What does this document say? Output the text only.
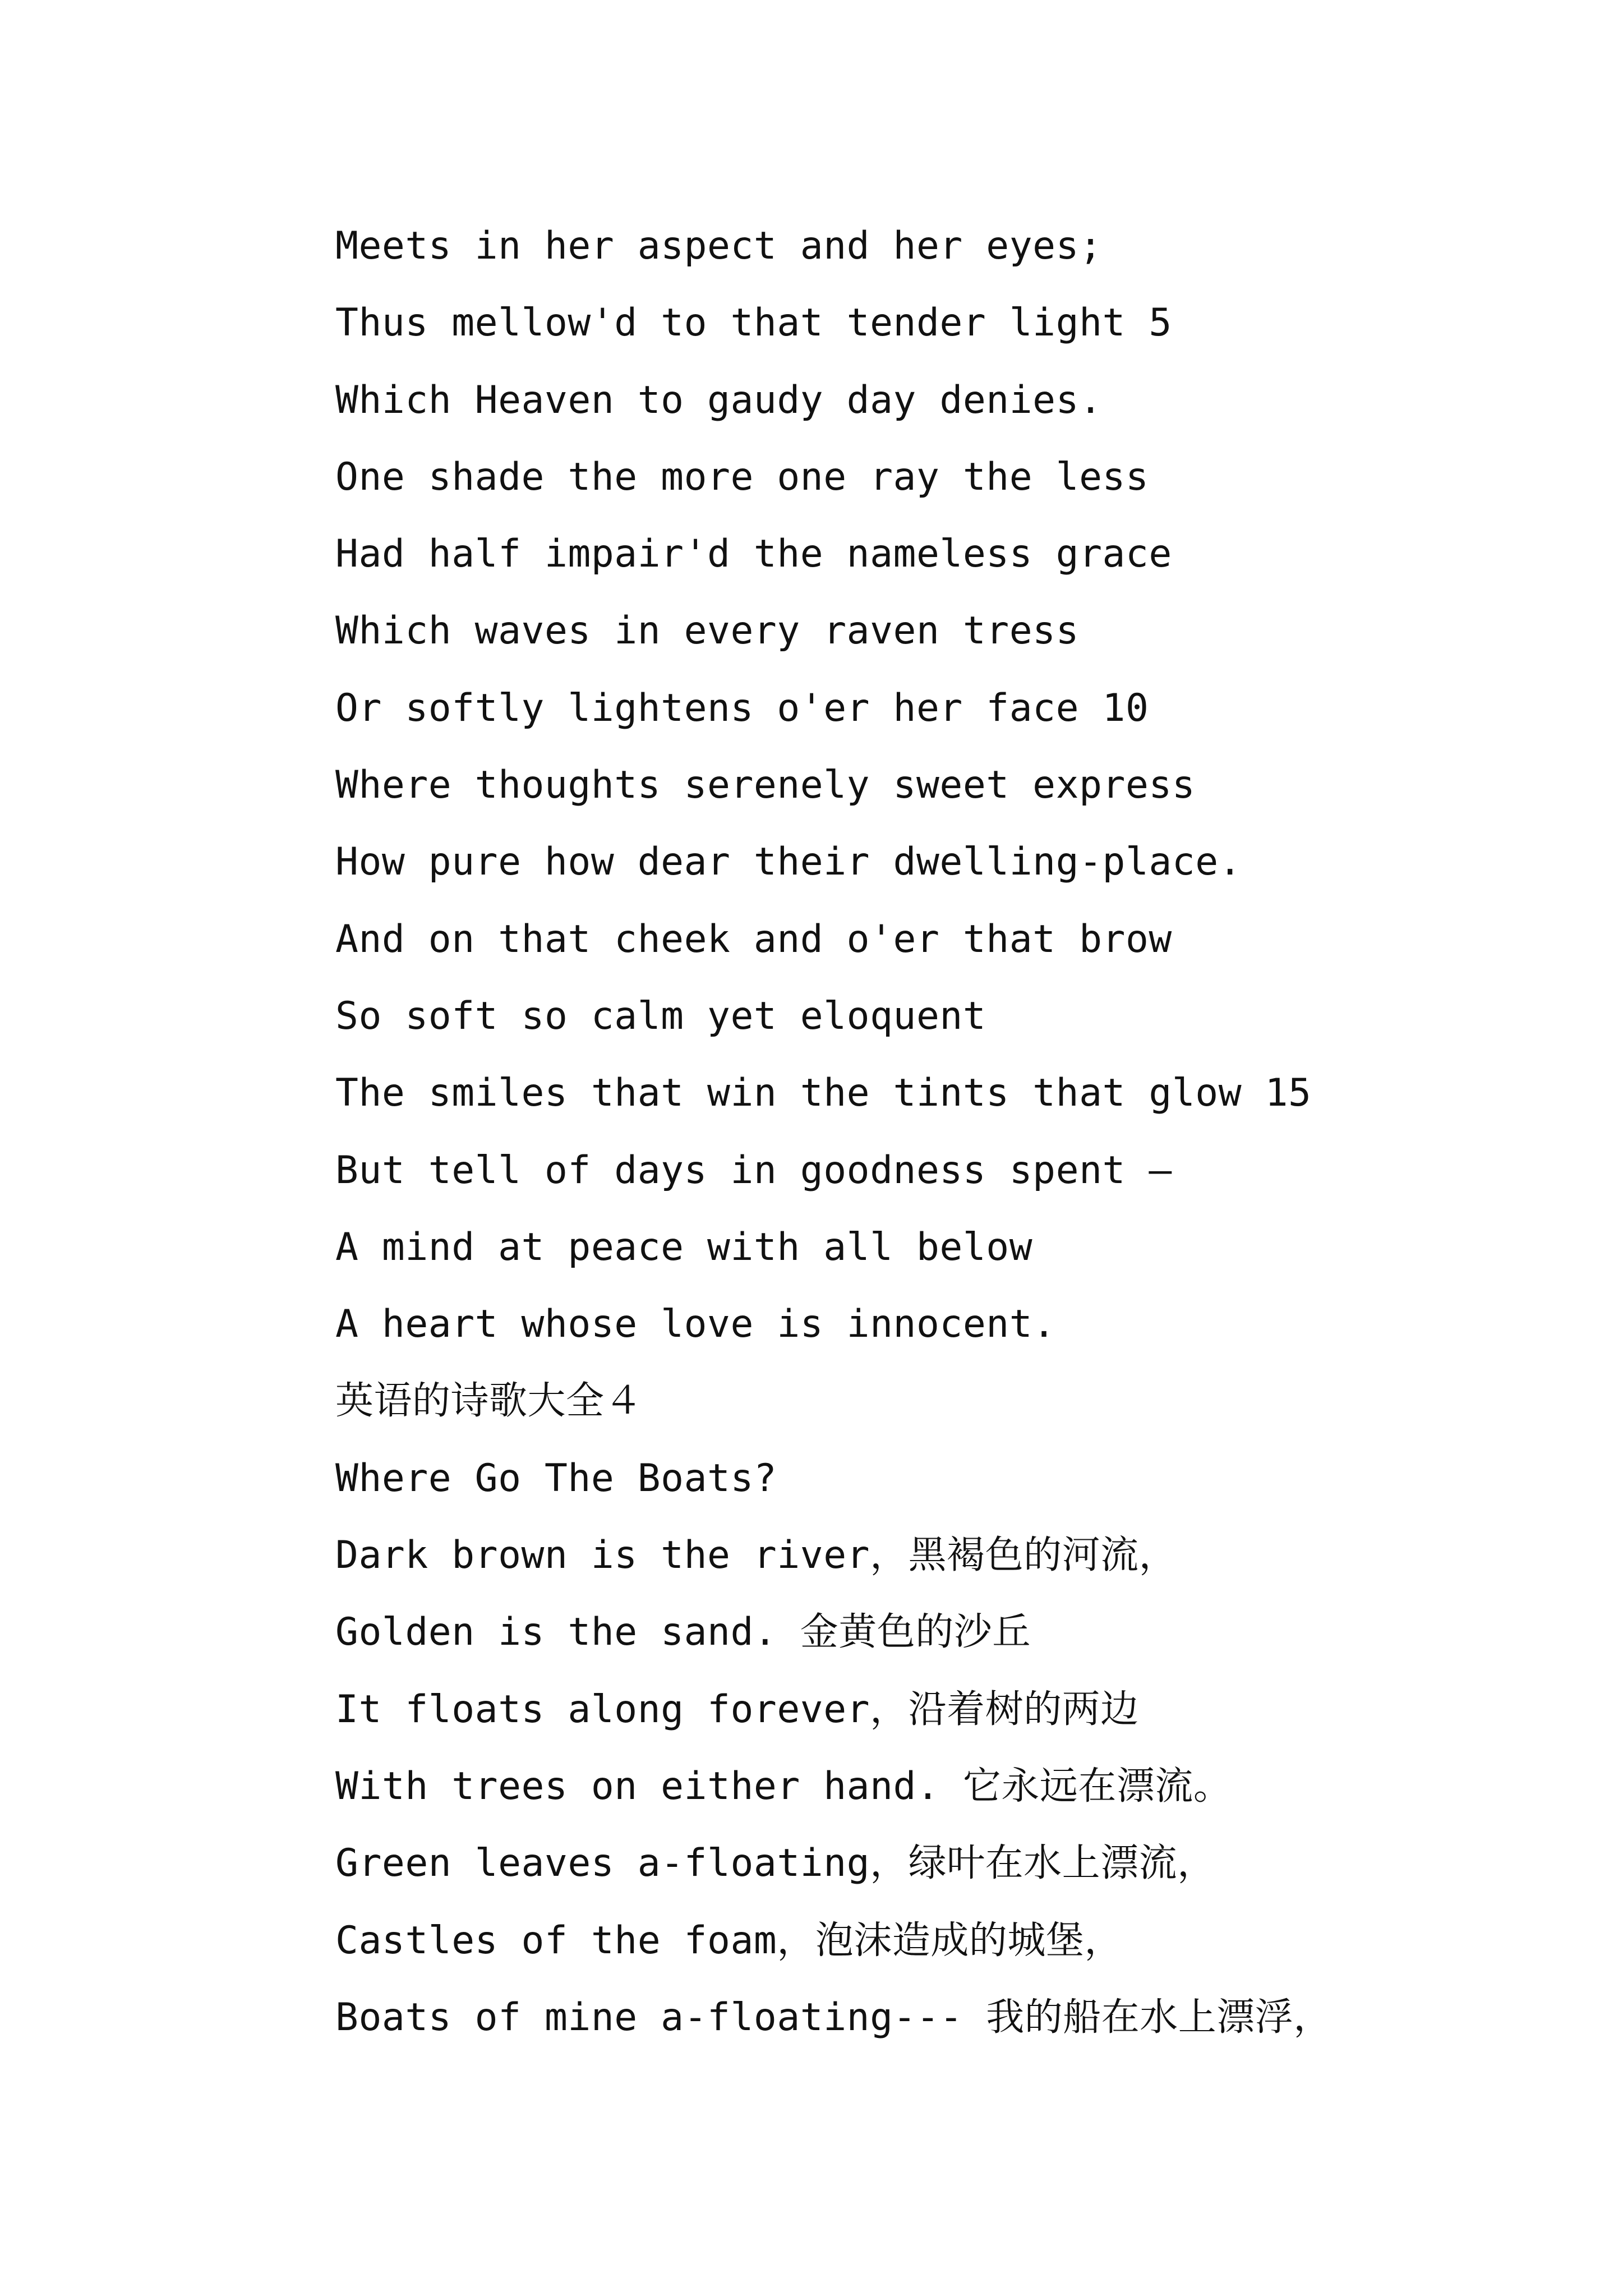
Meets in her aspect and her eyes;
Thus mellow'd to that tender light 5
Which Heaven to gaudy day denies.
One shade the more one ray the less
Had half impair'd the nameless grace
Which waves in every raven tress
Or softly lightens o'er her face 10
Where thoughts serenely sweet express
How pure how dear their dwelling-place.
And on that cheek and o'er that brow
So soft so calm yet eloquent
The smiles that win the tints that glow 15
But tell of days in goodness spent —
A mind at peace with all below
A heart whose love is innocent.
英语的诗歌大全４
Where Go The Boats?
Dark brown is the river，黑褐色的河流，
Golden is the sand. 金黄色的沙丘
It floats along forever，沿着树的两边
With trees on either hand. 它永远在漂流。
Green leaves a-floating，绿叶在水上漂流，
Castles of the foam，泡沫造成的城堡，
Boats of mine a-floating--- 我的船在水上漂浮，
